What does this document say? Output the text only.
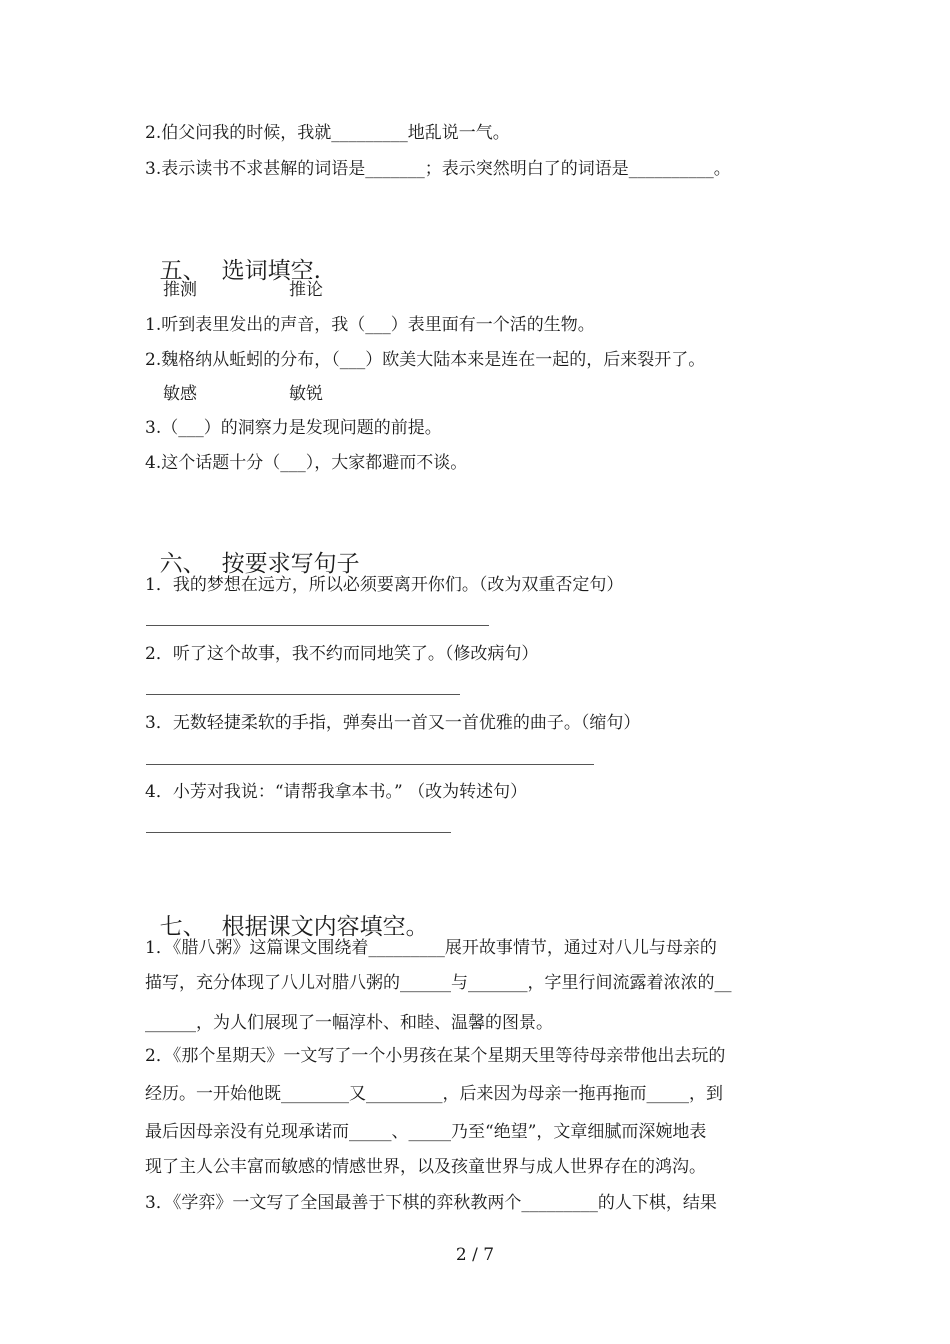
2.伯父问我的时候，我就_________地乱说一气。
3.表示读书不求甚解的词语是_______；表示突然明白了的词语是__________。

五、 选词填空.

推测	推论
1.听到表里发出的声音，我（___）表里面有一个活的生物。
2.魏格纳从蚯蚓的分布，（___）欧美大陆本来是连在一起的，后来裂开了。
敏感	敏锐
3.（___）的洞察力是发现问题的前提。
4.这个话题十分（___），大家都避而不谈。

六、 按要求写句子

1．我的梦想在远方，所以必须要离开你们。（改为双重否定句）
2．听了这个故事，我不约而同地笑了。（修改病句）
3．无数轻捷柔软的手指，弹奏出一首又一首优雅的曲子。（缩句）
4．小芳对我说：“请帮我拿本书。” （改为转述句）

七、 根据课文内容填空。

1．《腊八粥》这篇课文围绕着_________展开故事情节，通过对八儿与母亲的
描写，充分体现了八儿对腊八粥的______与_______，字里行间流露着浓浓的__
______，为人们展现了一幅淳朴、和睦、温馨的图景。
2．《那个星期天》一文写了一个小男孩在某个星期天里等待母亲带他出去玩的
经历。一开始他既________又_________，后来因为母亲一拖再拖而_____，到
最后因母亲没有兑现承诺而_____、_____乃至“绝望”，文章细腻而深婉地表
现了主人公丰富而敏感的情感世界，以及孩童世界与成人世界存在的鸿沟。
3．《学弈》一文写了全国最善于下棋的弈秋教两个_________的人下棋，结果
2 / 7
